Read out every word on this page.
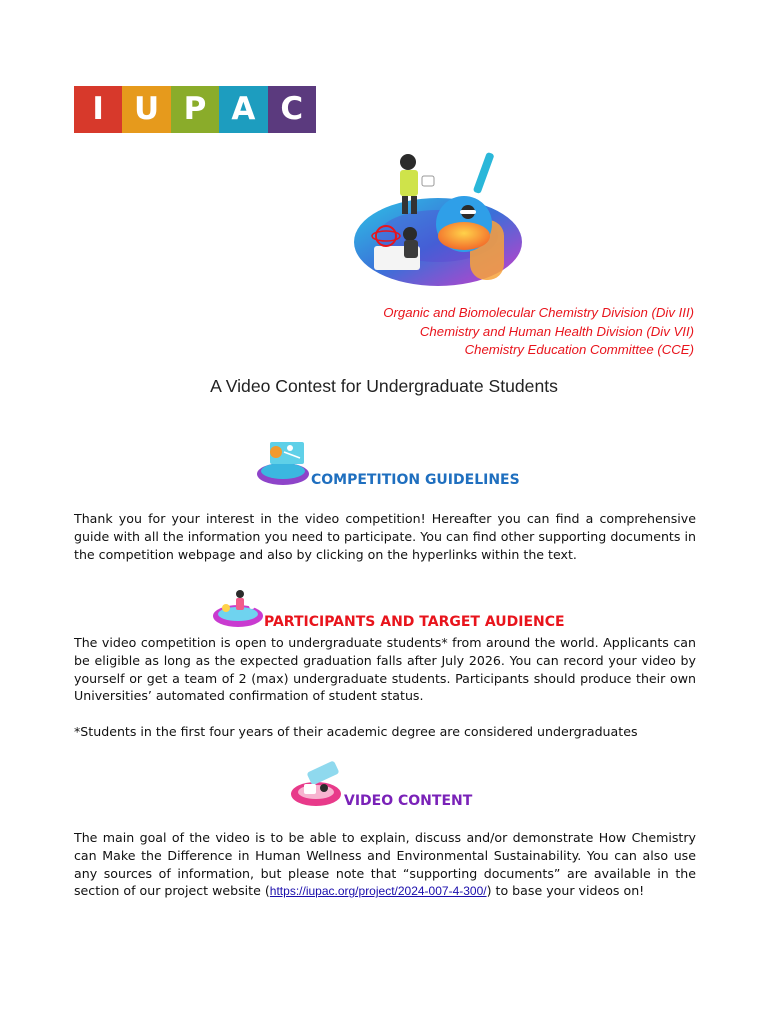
I U P A C
Organic and Biomolecular Chemistry Division (Div III)
Chemistry and Human Health Division (Div VII)
Chemistry Education Committee (CCE)
A Video Contest for Undergraduate Students
COMPETITION GUIDELINES

Thank you for your interest in the video competition! Hereafter you can find a comprehensive guide with all the information you need to participate. You can find other supporting documents in the competition webpage and also by clicking on the hyperlinks within the text.

PARTICIPANTS AND TARGET AUDIENCE

The video competition is open to undergraduate students* from around the world. Applicants can be eligible as long as the expected graduation falls after July 2026. You can record your video by yourself or get a team of 2 (max) undergraduate students. Participants should produce their own Universities’ automated confirmation of student status.

*Students in the first four years of their academic degree are considered undergraduates

VIDEO CONTENT

The main goal of the video is to be able to explain, discuss and/or demonstrate How Chemistry can Make the Difference in Human Wellness and Environmental Sustainability. You can also use any sources of information, but please note that “supporting documents” are available in the section of our project website (https://iupac.org/project/2024-007-4-300/) to base your videos on!
